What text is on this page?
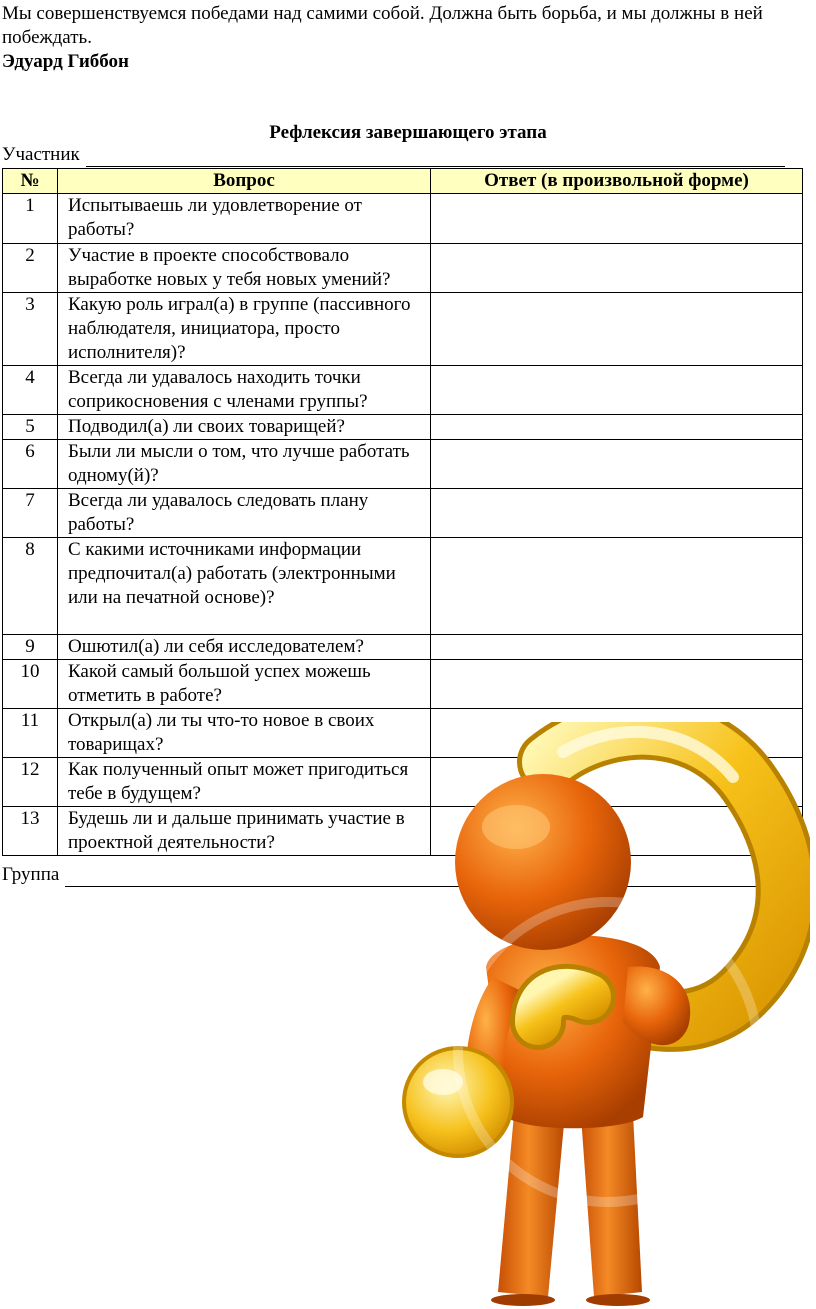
Мы совершенствуемся победами над самими собой. Должна быть борьба, и мы должны в ней побеждать.
Эдуард Гиббон
Рефлексия завершающего этапа
Участник
№	Вопрос	Ответ (в произвольной форме)
1	Испытываешь ли удовлетворение от работы?	
2	Участие в проекте способствовало выработке новых у тебя новых умений?	
3	Какую роль играл(а) в группе (пассивного наблюдателя, инициатора, просто исполнителя)?	
4	Всегда ли удавалось находить точки соприкосновения с членами группы?	
5	Подводил(а) ли своих товарищей?	
6	Были ли мысли о том, что лучше работать одному(й)?	
7	Всегда ли удавалось следовать плану работы?	
8	С какими источниками информации предпочитал(а) работать (электронными или на печатной основе)?	
9	Ошютил(а) ли себя исследователем?	
10	Какой самый большой успех можешь отметить в работе?	
11	Открыл(а) ли ты что-то новое в своих товарищах?	
12	Как полученный опыт может пригодиться тебе в будущем?	
13	Будешь ли и дальше принимать участие в проектной деятельности?	
Группа
